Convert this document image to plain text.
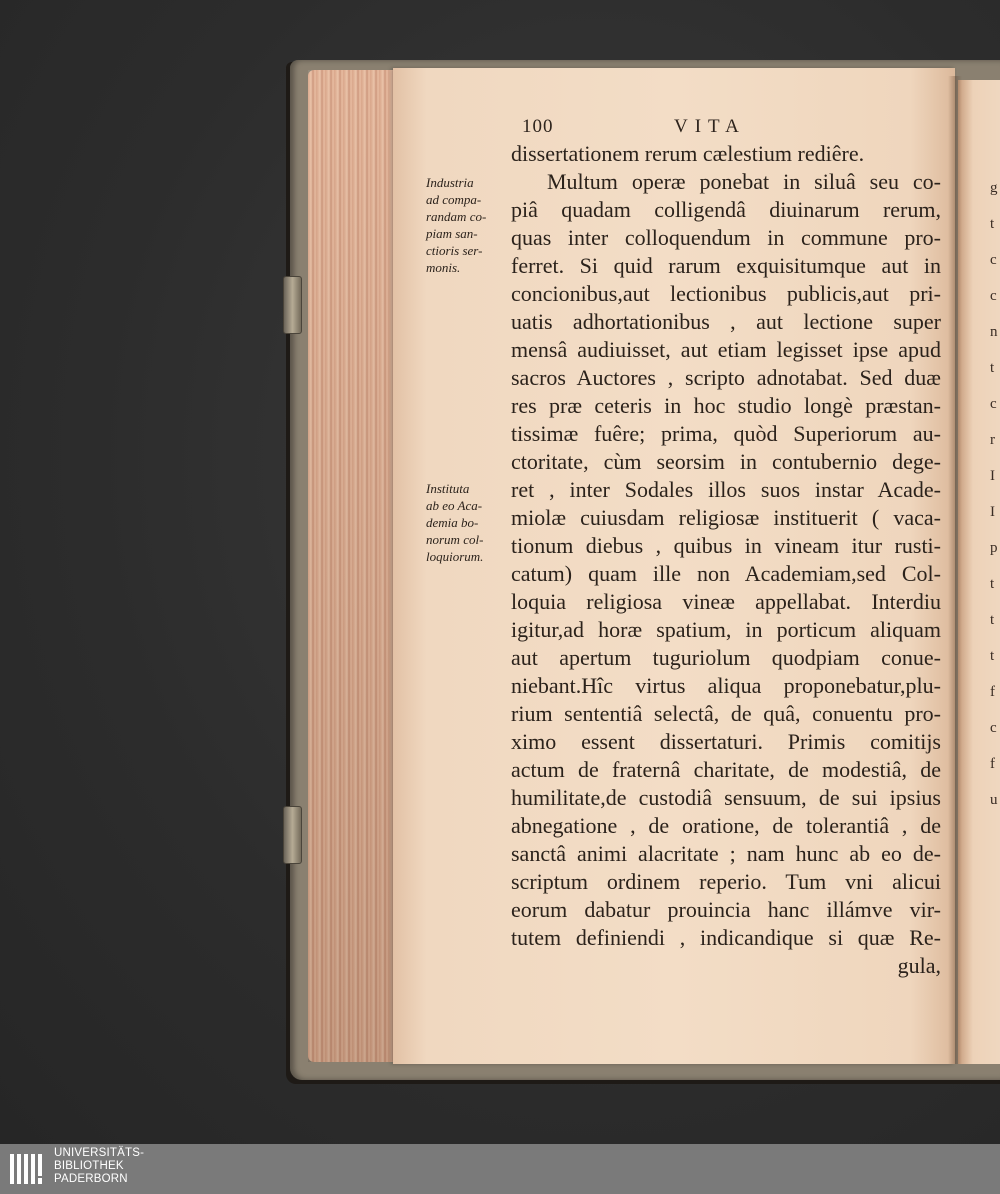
g
t
c
c
n
t
c
r
I
I
p
t
t
t
f
c
f
u
100	VITA
dissertationem rerum cælestium rediêre.
Multum operæ ponebat in siluâ seu co-
piâ quadam colligendâ diuinarum rerum,
quas inter colloquendum in commune pro-
ferret. Si quid rarum exquisitumque aut in
concionibus,aut lectionibus publicis,aut pri-
uatis adhortationibus , aut lectione super
mensâ audiuisset, aut etiam legisset ipse apud
sacros Auctores , scripto adnotabat. Sed duæ
res præ ceteris in hoc studio longè præstan-
tissimæ fuêre; prima, quòd Superiorum au-
ctoritate, cùm seorsim in contubernio dege-
ret , inter Sodales illos suos instar Acade-
miolæ cuiusdam religiosæ instituerit ( vaca-
tionum diebus , quibus in vineam itur rusti-
catum) quam ille non Academiam,sed Col-
loquia religiosa vineæ appellabat. Interdiu
igitur,ad horæ spatium, in porticum aliquam
aut apertum tuguriolum quodpiam conue-
niebant.Hîc virtus aliqua proponebatur,plu-
rium sententiâ selectâ, de quâ, conuentu pro-
ximo essent dissertaturi. Primis comitijs
actum de fraternâ charitate, de modestiâ, de
humilitate,de custodiâ sensuum, de sui ipsius
abnegatione , de oratione, de tolerantiâ , de
sanctâ animi alacritate ; nam hunc ab eo de-
scriptum ordinem reperio. Tum vni alicui
eorum dabatur prouincia hanc illámve vir-
tutem definiendi , indicandique si quæ Re-
gula,
Industria
ad compa-
randam co-
piam san-
ctioris ser-
monis.
Instituta
ab eo Aca-
demia bo-
norum col-
loquiorum.
UNIVERSITÄTS-
BIBLIOTHEK
PADERBORN
